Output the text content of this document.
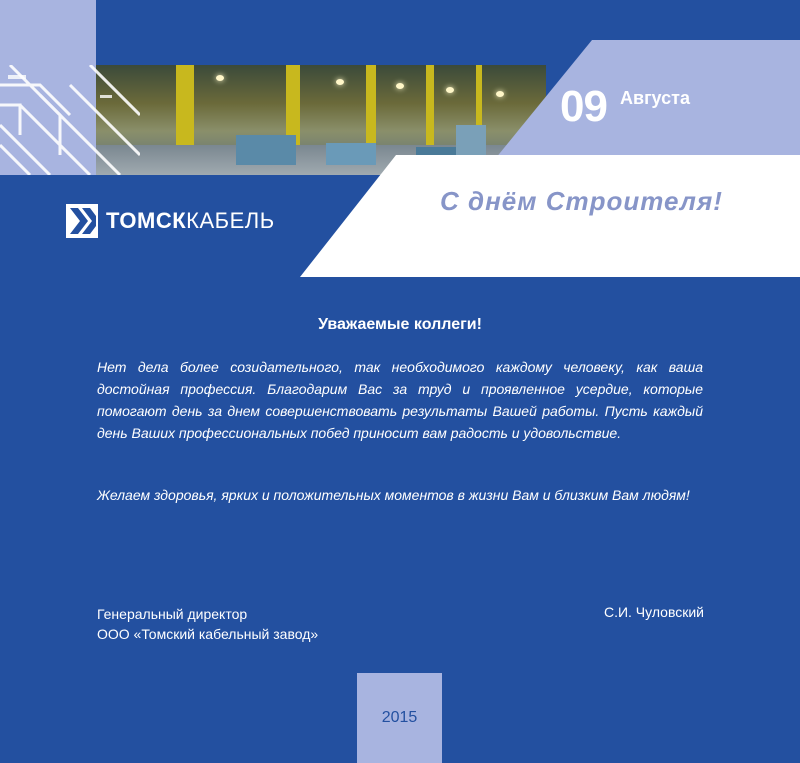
09 Августа
С днём Строителя!
ТОМСККАБЕЛЬ
Уважаемые коллеги!

Нет дела более созидательного, так необходимого каждому человеку, как ваша достойная профессия. Благодарим Вас за труд и проявленное усердие, которые помогают день за днем совершенствовать результаты Вашей работы. Пусть каждый день Ваших профессиональных побед приносит вам радость и удовольствие.

Желаем здоровья, ярких и положительных моментов в жизни Вам и близким Вам людям!

Генеральный директор
ООО «Томский кабельный завод»
С.И. Чуловский
2015
